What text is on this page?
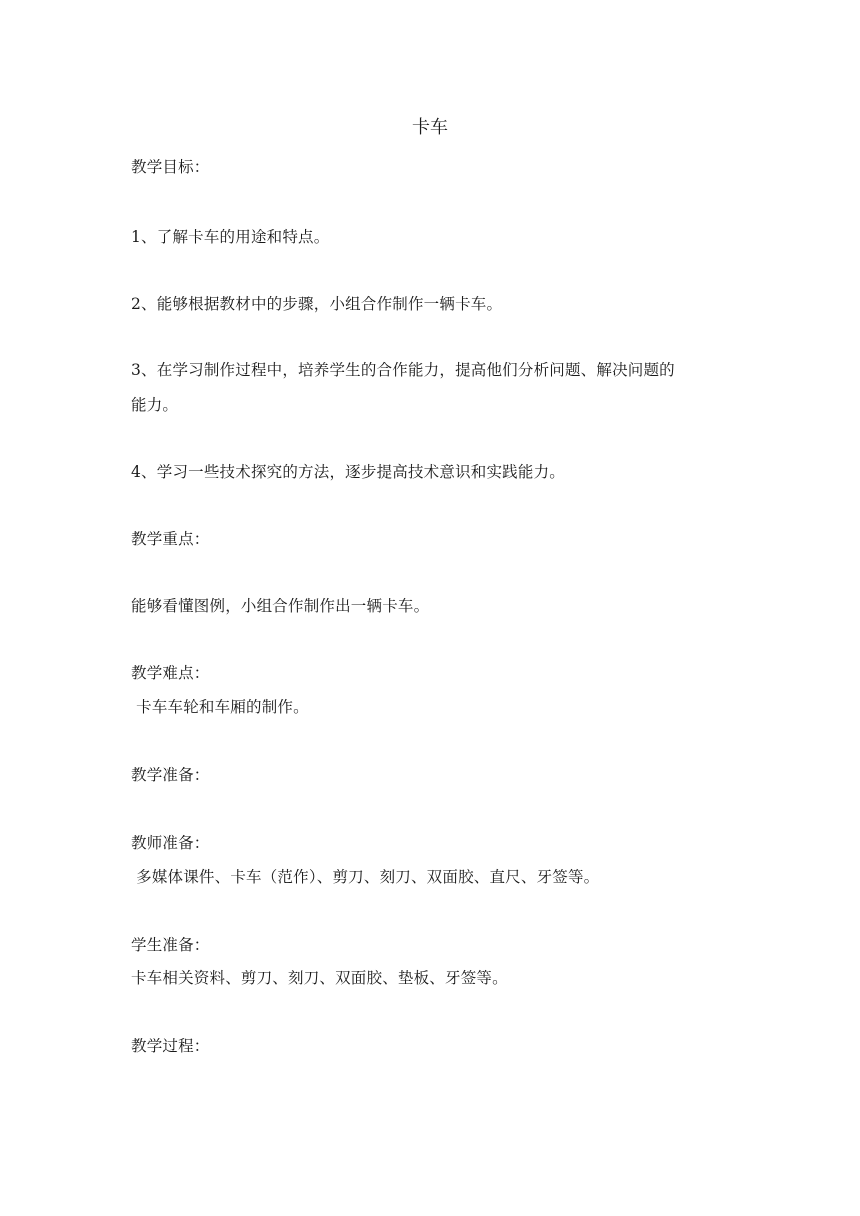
卡车
教学目标：
1、了解卡车的用途和特点。
2、能够根据教材中的步骤，小组合作制作一辆卡车。
3、在学习制作过程中，培养学生的合作能力，提高他们分析问题、解决问题的
能力。
4、学习一些技术探究的方法，逐步提高技术意识和实践能力。
教学重点：
能够看懂图例，小组合作制作出一辆卡车。
教学难点：
卡车车轮和车厢的制作。
教学准备：
教师准备：
多媒体课件、卡车（范作）、剪刀、刻刀、双面胶、直尺、牙签等。
学生准备：
卡车相关资料、剪刀、刻刀、双面胶、垫板、牙签等。
教学过程：
